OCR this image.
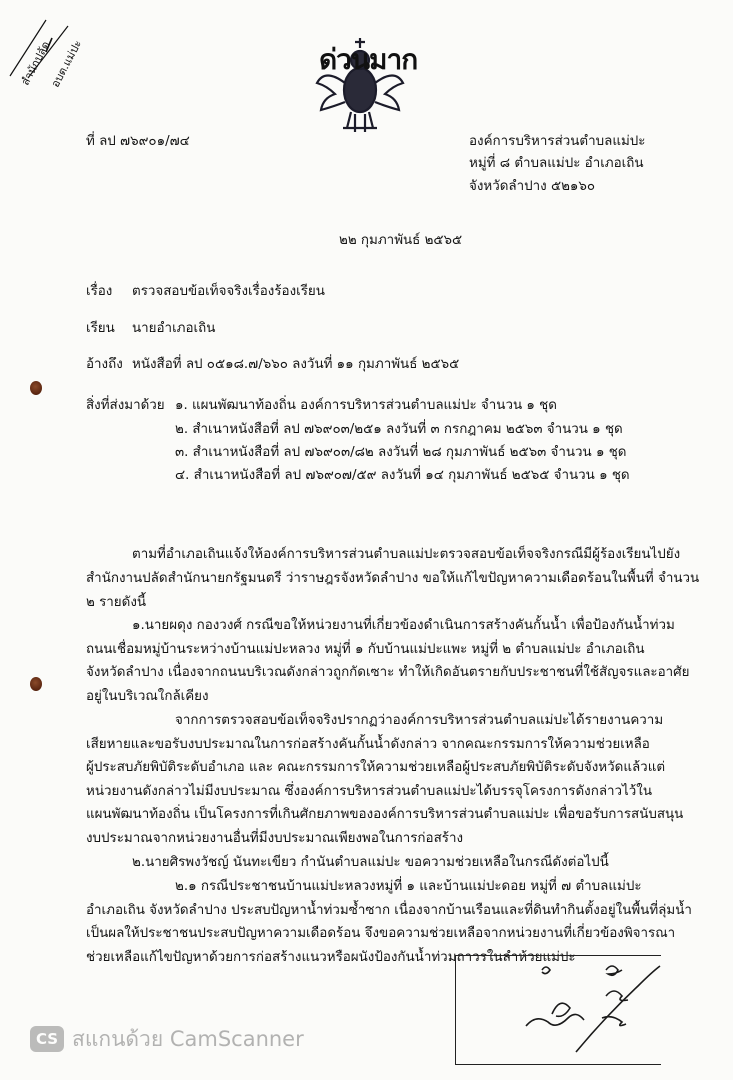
สำนักปลัด
อบต.แม่ปะ	ด่วนมาก
ที่ ลป ๗๖๙๐๑/๗๔	องค์การบริหารส่วนตำบลแม่ปะ
หมู่ที่ ๘ ตำบลแม่ปะ อำเภอเถิน
จังหวัดลำปาง ๕๒๑๖๐
๒๒ กุมภาพันธ์ ๒๕๖๕
เรื่อง ตรวจสอบข้อเท็จจริงเรื่องร้องเรียน
เรียน นายอำเภอเถิน
อ้างถึง หนังสือที่ ลป ๐๕๑๘.๗/๖๖๐ ลงวันที่ ๑๑ กุมภาพันธ์ ๒๕๖๕
สิ่งที่ส่งมาด้วย ๑. แผนพัฒนาท้องถิ่น องค์การบริหารส่วนตำบลแม่ปะ จำนวน ๑ ชุด
๒. สำเนาหนังสือที่ ลป ๗๖๙๐๓/๒๕๑ ลงวันที่ ๓ กรกฎาคม ๒๕๖๓ จำนวน ๑ ชุด
๓. สำเนาหนังสือที่ ลป ๗๖๙๐๓/๘๒ ลงวันที่ ๒๘ กุมภาพันธ์ ๒๕๖๓ จำนวน ๑ ชุด
๔. สำเนาหนังสือที่ ลป ๗๖๙๐๗/๕๙ ลงวันที่ ๑๔ กุมภาพันธ์ ๒๕๖๕ จำนวน ๑ ชุด
ตามที่อำเภอเถินแจ้งให้องค์การบริหารส่วนตำบลแม่ปะตรวจสอบข้อเท็จจริงกรณีมีผู้ร้องเรียนไปยัง
สำนักงานปลัดสำนักนายกรัฐมนตรี ว่าราษฎรจังหวัดลำปาง ขอให้แก้ไขปัญหาความเดือดร้อนในพื้นที่ จำนวน
๒ รายดังนี้
๑.นายผดุง กองวงศ์ กรณีขอให้หน่วยงานที่เกี่ยวข้องดำเนินการสร้างคันกั้นน้ำ เพื่อป้องกันน้ำท่วม
ถนนเชื่อมหมู่บ้านระหว่างบ้านแม่ปะหลวง หมู่ที่ ๑ กับบ้านแม่ปะแพะ หมู่ที่ ๒ ตำบลแม่ปะ อำเภอเถิน
จังหวัดลำปาง เนื่องจากถนนบริเวณดังกล่าวถูกกัดเซาะ ทำให้เกิดอันตรายกับประชาชนที่ใช้สัญจรและอาศัย
อยู่ในบริเวณใกล้เคียง
จากการตรวจสอบข้อเท็จจริงปรากฏว่าองค์การบริหารส่วนตำบลแม่ปะได้รายงานความ
เสียหายและขอรับงบประมาณในการก่อสร้างคันกั้นน้ำดังกล่าว จากคณะกรรมการให้ความช่วยเหลือ
ผู้ประสบภัยพิบัติระดับอำเภอ และ คณะกรรมการให้ความช่วยเหลือผู้ประสบภัยพิบัติระดับจังหวัดแล้วแต่
หน่วยงานดังกล่าวไม่มีงบประมาณ ซึ่งองค์การบริหารส่วนตำบลแม่ปะได้บรรจุโครงการดังกล่าวไว้ใน
แผนพัฒนาท้องถิ่น เป็นโครงการที่เกินศักยภาพขององค์การบริหารส่วนตำบลแม่ปะ เพื่อขอรับการสนับสนุน
งบประมาณจากหน่วยงานอื่นที่มีงบประมาณเพียงพอในการก่อสร้าง
๒.นายศิรพงวัชญ์ นันทะเขียว กำนันตำบลแม่ปะ ขอความช่วยเหลือในกรณีดังต่อไปนี้
๒.๑ กรณีประชาชนบ้านแม่ปะหลวงหมู่ที่ ๑ และบ้านแม่ปะดอย หมู่ที่ ๗ ตำบลแม่ปะ
อำเภอเถิน จังหวัดลำปาง ประสบปัญหาน้ำท่วมซ้ำซาก เนื่องจากบ้านเรือนและที่ดินทำกินตั้งอยู่ในพื้นที่ลุ่มน้ำ
เป็นผลให้ประชาชนประสบปัญหาความเดือดร้อน จึงขอความช่วยเหลือจากหน่วยงานที่เกี่ยวข้องพิจารณา
ช่วยเหลือแก้ไขปัญหาด้วยการก่อสร้างแนวหรือผนังป้องกันน้ำท่วมถาวรในลำห้วยแม่ปะ
CS สแกนด้วย CamScanner
